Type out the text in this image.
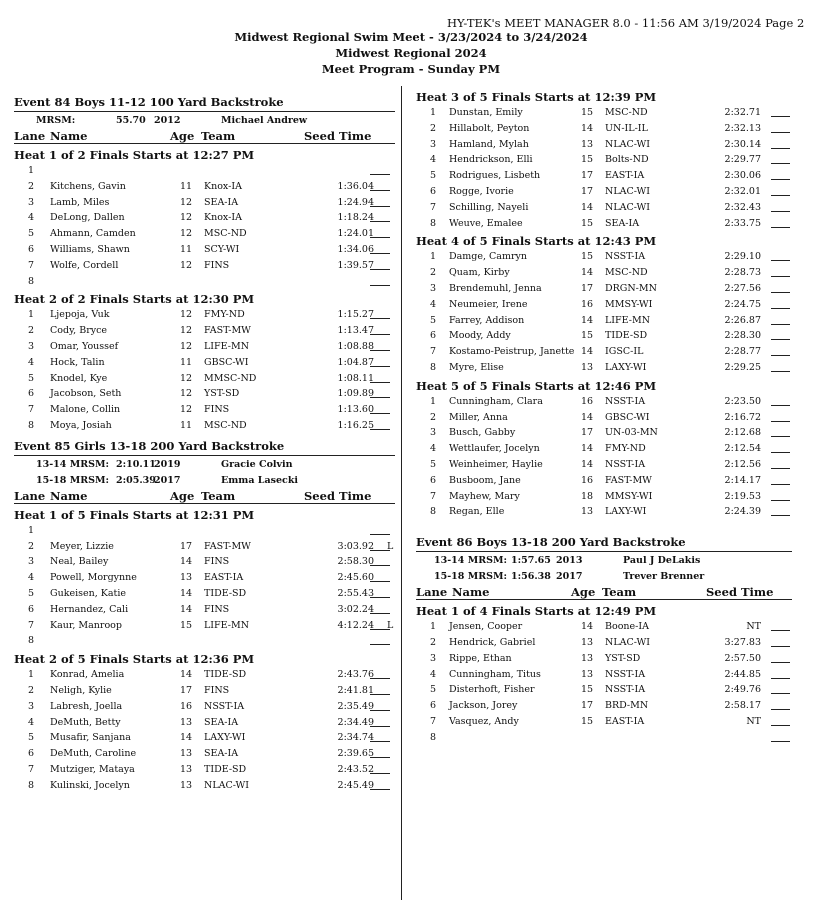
HY-TEK's MEET MANAGER 8.0 - 11:56 AM 3/19/2024 Page 2
Midwest Regional Swim Meet - 3/23/2024 to 3/24/2024
Midwest Regional 2024
Meet Program - Sunday PM
Event 84 Boys 11-12 100 Yard Backstroke
MRSM:	55.70 2012	Michael Andrew
Lane Name	Age Team	Seed Time
Heat 1 of 2 Finals Starts at 12:27 PM
1
2 Kitchens, Gavin	11 Knox-IA	1:36.04
3 Lamb, Miles	12 SEA-IA	1:24.94
4 DeLong, Dallen	12 Knox-IA	1:18.24
5 Ahmann, Camden	12 MSC-ND	1:24.01
6 Williams, Shawn	11 SCY-WI	1:34.06
7 Wolfe, Cordell	12 FINS	1:39.57
8
Heat 2 of 2 Finals Starts at 12:30 PM
1 Ljepoja, Vuk	12 FMY-ND	1:15.27
2 Cody, Bryce	12 FAST-MW	1:13.47
3 Omar, Youssef	12 LIFE-MN	1:08.88
4 Hock, Talin	11 GBSC-WI	1:04.87
5 Knodel, Kye	12 MMSC-ND	1:08.11
6 Jacobson, Seth	12 YST-SD	1:09.89
7 Malone, Collin	12 FINS	1:13.60
8 Moya, Josiah	11 MSC-ND	1:16.25
Event 85 Girls 13-18 200 Yard Backstroke
13-14 MRSM: 2:10.11
2019	Gracie Colvin
15-18 MRSM: 2:05.39
2017	Emma Lasecki
Lane Name	Age Team	Seed Time
Heat 1 of 5 Finals Starts at 12:31 PM
1
2 Meyer, Lizzie	17 FAST-MW	3:03.92 L
3 Neal, Bailey	14 FINS	2:58.30
4 Powell, Morgynne	13 EAST-IA	2:45.60
5 Gukeisen, Katie	14 TIDE-SD	2:55.43
6 Hernandez, Cali	14 FINS	3:02.24
7 Kaur, Manroop	15 LIFE-MN	4:12.24 L
8
Heat 2 of 5 Finals Starts at 12:36 PM
1 Konrad, Amelia	14 TIDE-SD	2:43.76
2 Neligh, Kylie	17 FINS	2:41.81
3 Labresh, Joella	16 NSST-IA	2:35.49
4 DeMuth, Betty	13 SEA-IA	2:34.49
5 Musafir, Sanjana	14 LAXY-WI	2:34.74
6 DeMuth, Caroline	13 SEA-IA	2:39.65
7 Mutziger, Mataya	13 TIDE-SD	2:43.52
8 Kulinski, Jocelyn	13 NLAC-WI	2:45.49
Heat 3 of 5 Finals Starts at 12:39 PM
1 Dunstan, Emily	15 MSC-ND	2:32.71
2 Hillabolt, Peyton	14 UN-IL-IL	2:32.13
3 Hamland, Mylah	13 NLAC-WI	2:30.14
4 Hendrickson, Elli	15 Bolts-ND	2:29.77
5 Rodrigues, Lisbeth	17 EAST-IA	2:30.06
6 Rogge, Ivorie	17 NLAC-WI	2:32.01
7 Schilling, Nayeli	14 NLAC-WI	2:32.43
8 Weuve, Emalee	15 SEA-IA	2:33.75
Heat 4 of 5 Finals Starts at 12:43 PM
1 Damge, Camryn	15 NSST-IA	2:29.10
2 Quam, Kirby	14 MSC-ND	2:28.73
3 Brendemuhl, Jenna	17 DRGN-MN	2:27.56
4 Neumeier, Irene	16 MMSY-WI	2:24.75
5 Farrey, Addison	14 LIFE-MN	2:26.87
6 Moody, Addy	15 TIDE-SD	2:28.30
7 Kostamo-Peistrup, Janette 14 IGSC-IL	2:28.77
8 Myre, Elise	13 LAXY-WI	2:29.25
Heat 5 of 5 Finals Starts at 12:46 PM
1 Cunningham, Clara	16 NSST-IA	2:23.50
2 Miller, Anna	14 GBSC-WI	2:16.72
3 Busch, Gabby	17 UN-03-MN	2:12.68
4 Wettlaufer, Jocelyn	14 FMY-ND	2:12.54
5 Weinheimer, Haylie	14 NSST-IA	2:12.56
6 Busboom, Jane	16 FAST-MW	2:14.17
7 Mayhew, Mary	18 MMSY-WI	2:19.53
8 Regan, Elle	13 LAXY-WI	2:24.39
Event 86 Boys 13-18 200 Yard Backstroke
13-14 MRSM: 1:57.65 2013	Paul J DeLakis
15-18 MRSM: 1:56.38 2017	Trever Brenner
Lane Name	Age Team	Seed Time
Heat 1 of 4 Finals Starts at 12:49 PM
1 Jensen, Cooper	14 Boone-IA	NT
2 Hendrick, Gabriel	13 NLAC-WI	3:27.83
3 Rippe, Ethan	13 YST-SD	2:57.50
4 Cunningham, Titus	13 NSST-IA	2:44.85
5 Disterhoft, Fisher	15 NSST-IA	2:49.76
6 Jackson, Jorey	17 BRD-MN	2:58.17
7 Vasquez, Andy	15 EAST-IA	NT
8
